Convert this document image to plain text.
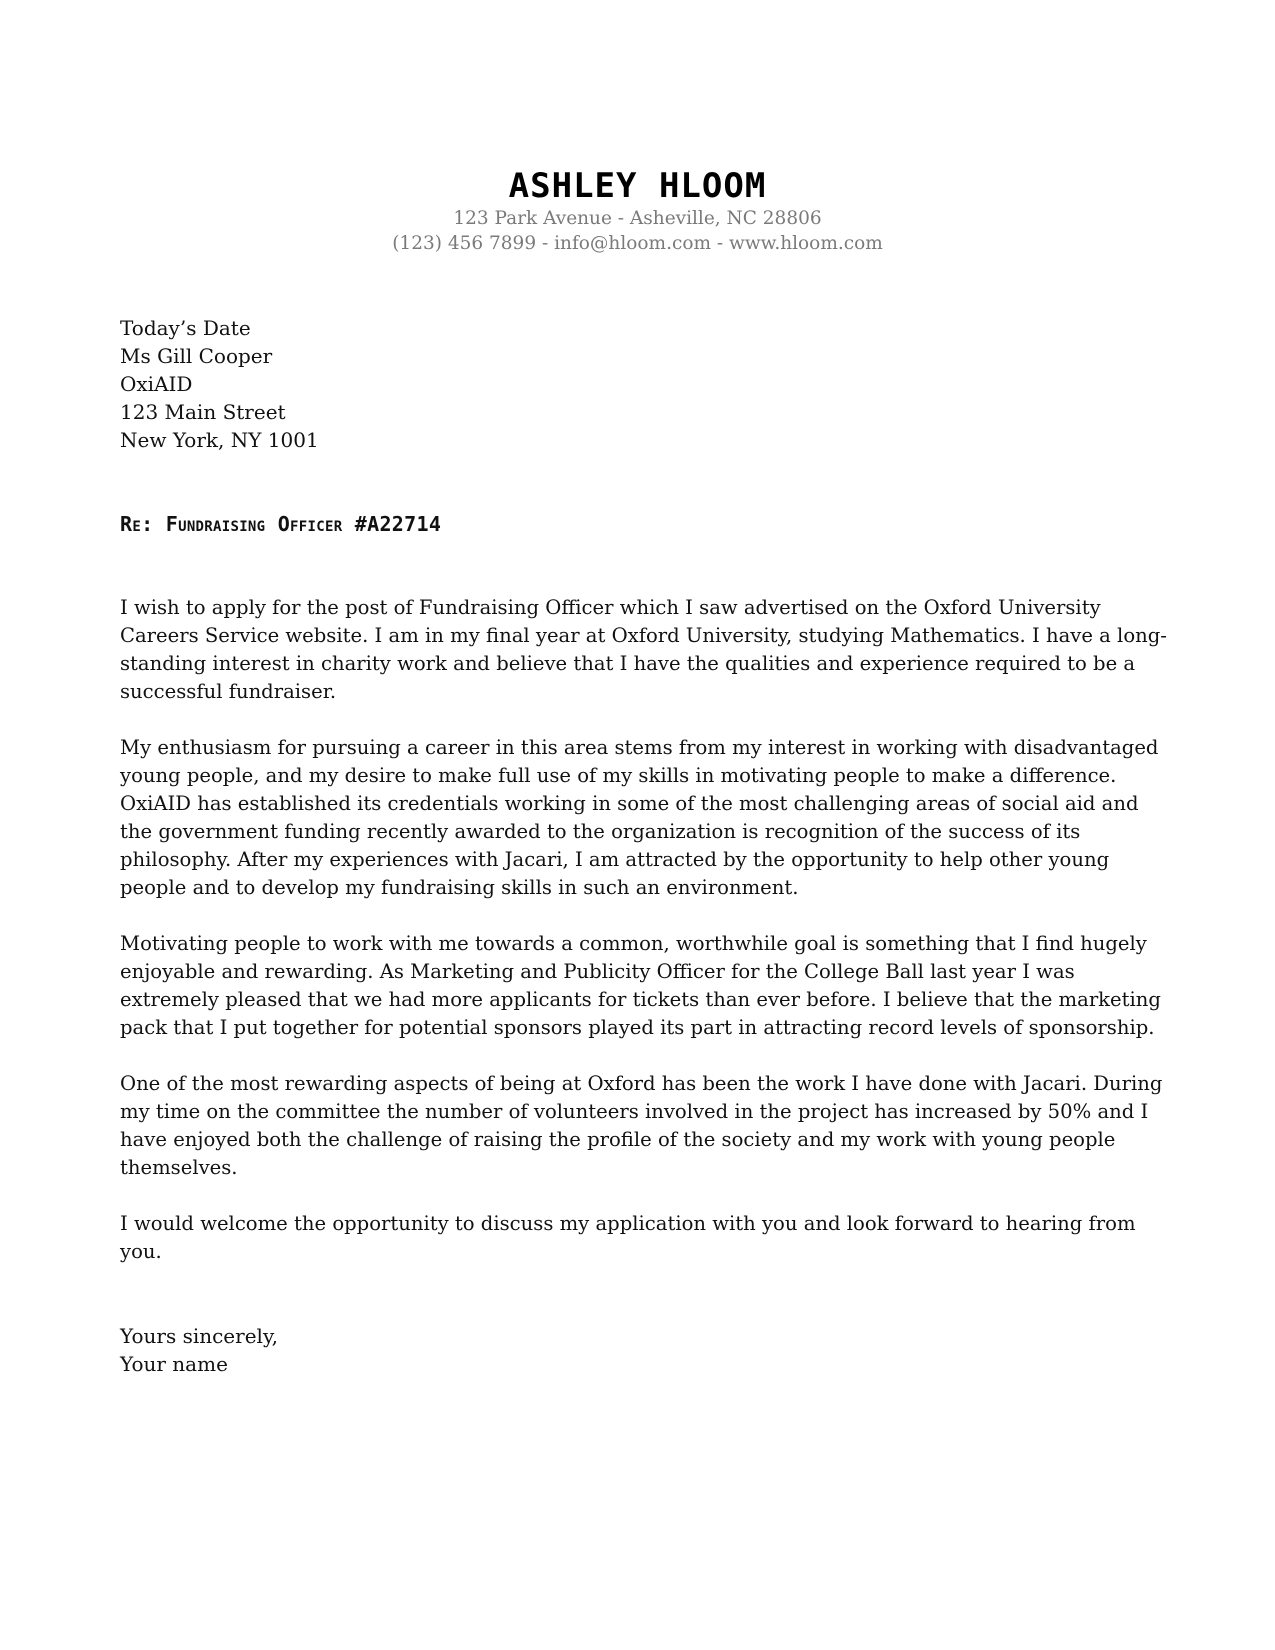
ASHLEY HLOOM
123 Park Avenue - Asheville, NC 28806
(123) 456 7899 - info@hloom.com - www.hloom.com
Today’s Date
Ms Gill Cooper
OxiAID
123 Main Street
New York, NY 1001
Re: Fundraising Officer #A22714

I wish to apply for the post of Fundraising Officer which I saw advertised on the Oxford University Careers Service website. I am in my final year at Oxford University, studying Mathematics. I have a long-standing interest in charity work and believe that I have the qualities and experience required to be a successful fundraiser.

My enthusiasm for pursuing a career in this area stems from my interest in working with disadvantaged young people, and my desire to make full use of my skills in motivating people to make a difference. OxiAID has established its credentials working in some of the most challenging areas of social aid and the government funding recently awarded to the organization is recognition of the success of its philosophy. After my experiences with Jacari, I am attracted by the opportunity to help other young people and to develop my fundraising skills in such an environment.

Motivating people to work with me towards a common, worthwhile goal is something that I find hugely enjoyable and rewarding. As Marketing and Publicity Officer for the College Ball last year I was extremely pleased that we had more applicants for tickets than ever before. I believe that the marketing pack that I put together for potential sponsors played its part in attracting record levels of sponsorship.

One of the most rewarding aspects of being at Oxford has been the work I have done with Jacari. During my time on the committee the number of volunteers involved in the project has increased by 50% and I have enjoyed both the challenge of raising the profile of the society and my work with young people themselves.

I would welcome the opportunity to discuss my application with you and look forward to hearing from you.

Yours sincerely,
Your name
